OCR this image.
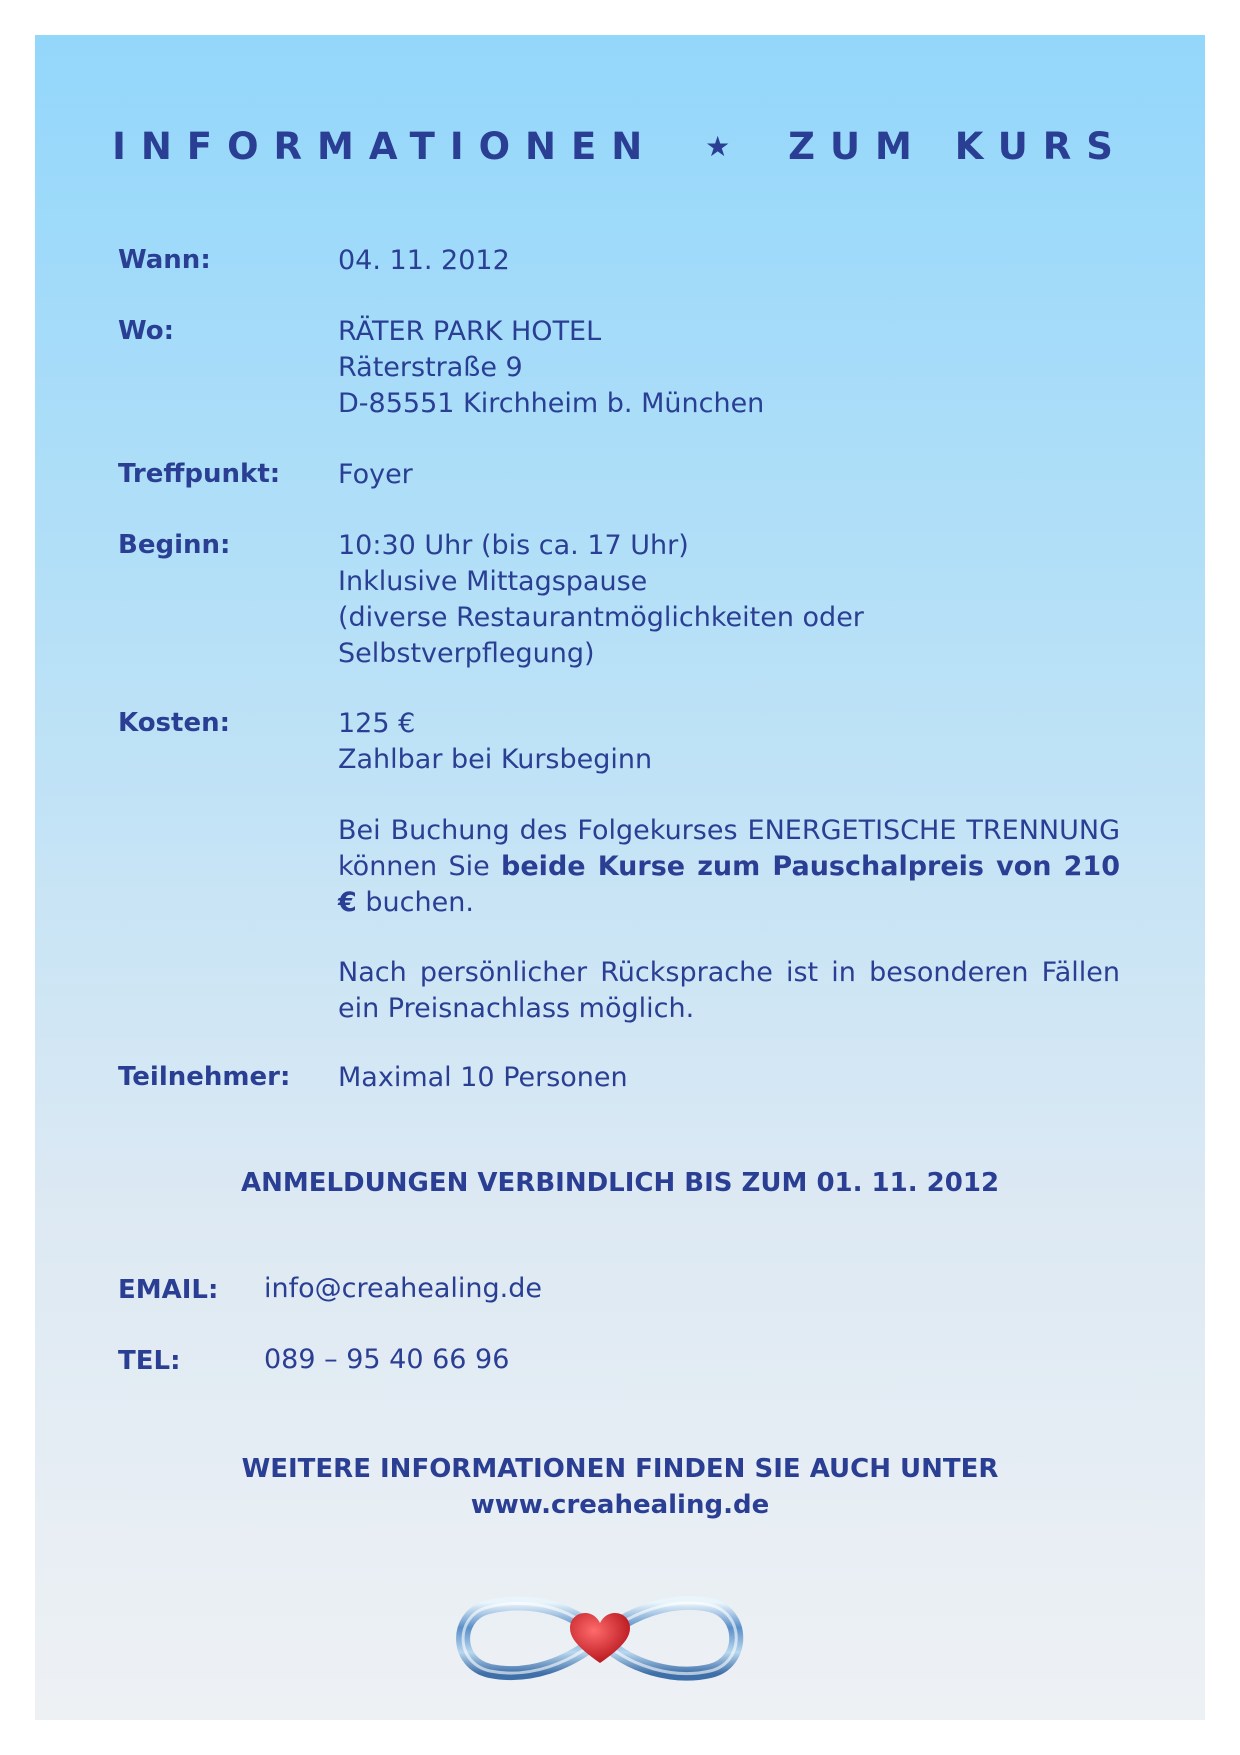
INFORMATIONEN ★ ZUM KURS
Wann:	04. 11. 2012
Wo:	RÄTER PARK HOTEL
Räterstraße 9
D-85551 Kirchheim b. München
Treffpunkt: Foyer
Beginn:	10:30 Uhr (bis ca. 17 Uhr)
Inklusive Mittagspause
(diverse Restaurantmöglichkeiten oder
Selbstverpflegung)
Kosten:	125 €
Zahlbar bei Kursbeginn
Bei Buchung des Folgekurses ENERGETISCHE TRENNUNG können Sie beide Kurse zum Pauschalpreis von 210 € buchen.
Nach persönlicher Rücksprache ist in besonderen Fällen ein Preisnachlass möglich.
Teilnehmer: Maximal 10 Personen
ANMELDUNGEN VERBINDLICH BIS ZUM 01. 11. 2012
EMAIL: info@creahealing.de
TEL:	089 – 95 40 66 96
WEITERE INFORMATIONEN FINDEN SIE AUCH UNTER
www.creahealing.de
